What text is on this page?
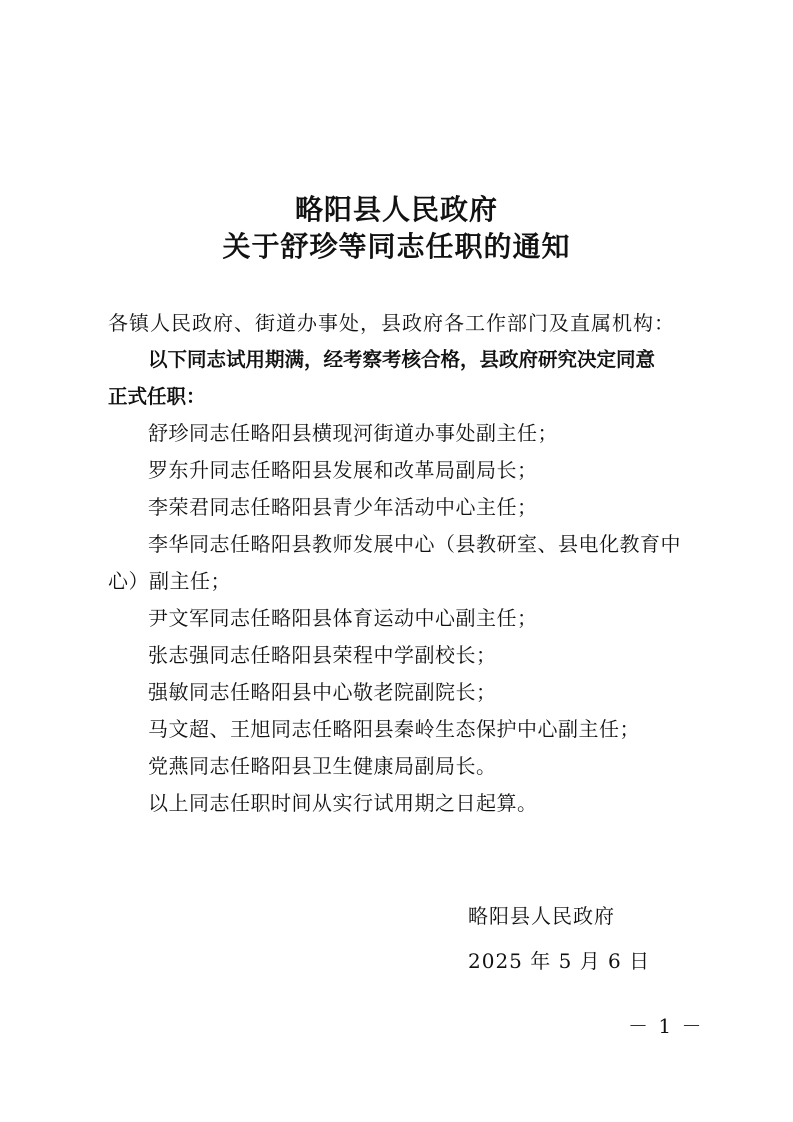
略阳县人民政府
关于舒珍等同志任职的通知
各镇人民政府、街道办事处，县政府各工作部门及直属机构：
以下同志试用期满，经考察考核合格，县政府研究决定同意
正式任职：
舒珍同志任略阳县横现河街道办事处副主任；
罗东升同志任略阳县发展和改革局副局长；
李荣君同志任略阳县青少年活动中心主任；
李华同志任略阳县教师发展中心（县教研室、县电化教育中
心）副主任；
尹文军同志任略阳县体育运动中心副主任；
张志强同志任略阳县荣程中学副校长；
强敏同志任略阳县中心敬老院副院长；
马文超、王旭同志任略阳县秦岭生态保护中心副主任；
党燕同志任略阳县卫生健康局副局长。
以上同志任职时间从实行试用期之日起算。
略阳县人民政府
2025 年 5 月 6 日
－ 1 －
